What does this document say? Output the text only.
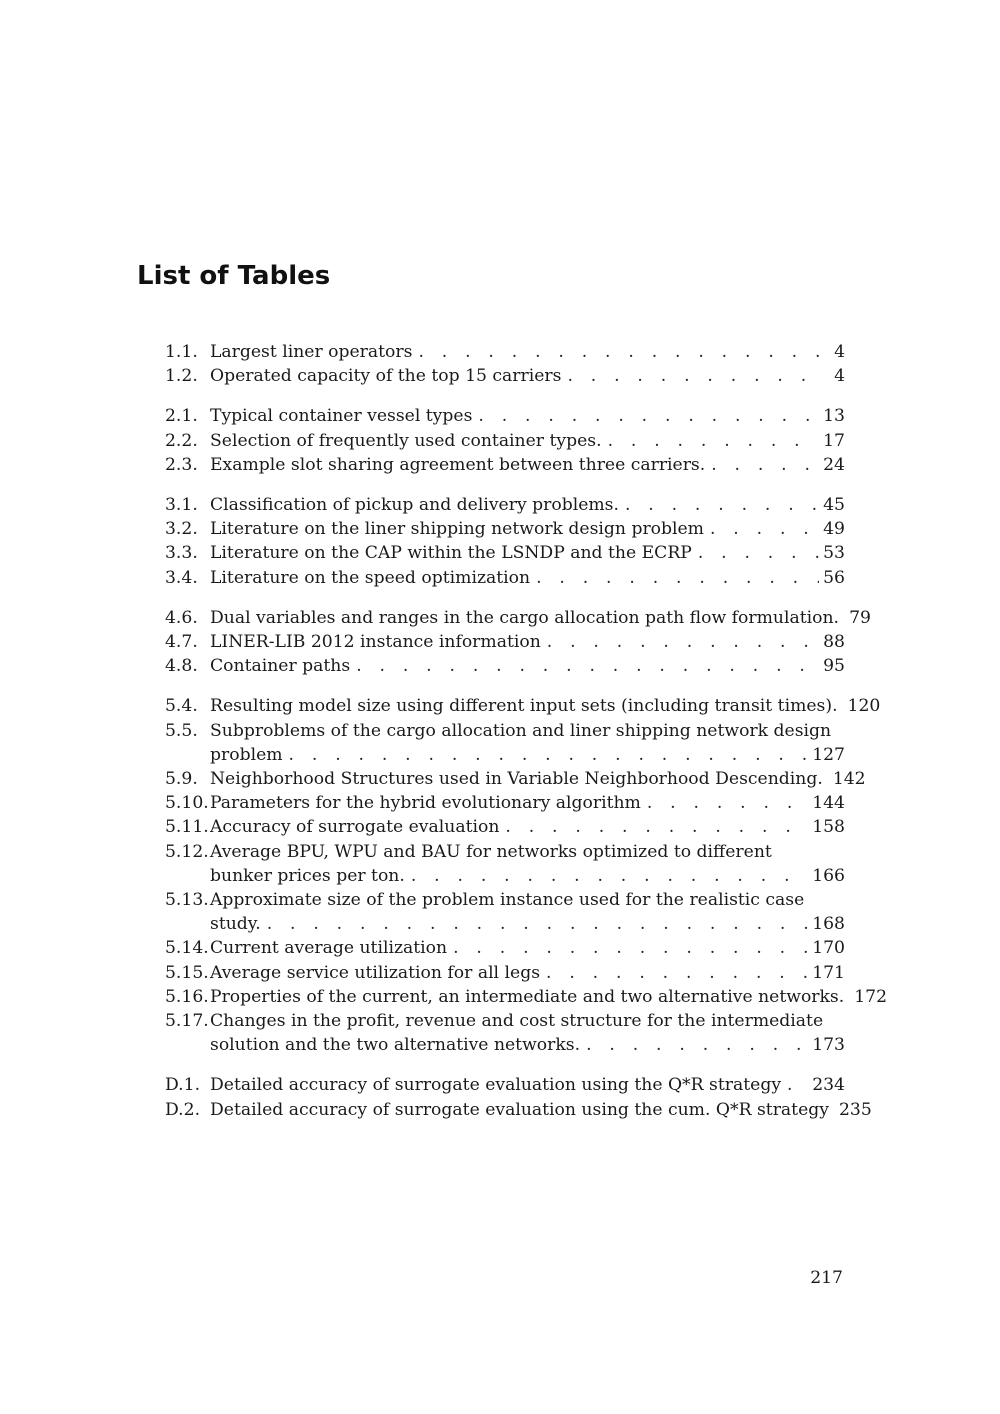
List of Tables
1.1. Largest liner operators . . .	4
1.2. Operated capacity of the top 15 carriers . . .	4
2.1. Typical container vessel types . . .	13
2.2. Selection of frequently used container types. . . .	17
2.3. Example slot sharing agreement between three carriers. . . .	24
3.1. Classification of pickup and delivery problems. . . .	45
3.2. Literature on the liner shipping network design problem . . .	49
3.3. Literature on the CAP within the LSNDP and the ECRP . . .	53
3.4. Literature on the speed optimization . . .	56
4.6. Dual variables and ranges in the cargo allocation path flow formulation. 79
4.7. LINER-LIB 2012 instance information . . .	88
4.8. Container paths . . .	95
5.4. Resulting model size using different input sets (including transit times). 120
5.5. Subproblems of the cargo allocation and liner shipping network design
problem . . .	127
5.9. Neighborhood Structures used in Variable Neighborhood Descending. 142
5.10. Parameters for the hybrid evolutionary algorithm . . .	144
5.11. Accuracy of surrogate evaluation . . .	158
5.12. Average BPU, WPU and BAU for networks optimized to different
bunker prices per ton. . . .	166
5.13. Approximate size of the problem instance used for the realistic case
study. . . .	168
5.14. Current average utilization . . .	170
5.15. Average service utilization for all legs . . .	171
5.16. Properties of the current, an intermediate and two alternative networks. 172
5.17. Changes in the profit, revenue and cost structure for the intermediate
solution and the two alternative networks. . . .	173
D.1. Detailed accuracy of surrogate evaluation using the Q*R strategy . . . 234
D.2. Detailed accuracy of surrogate evaluation using the cum. Q*R strategy 235
217
